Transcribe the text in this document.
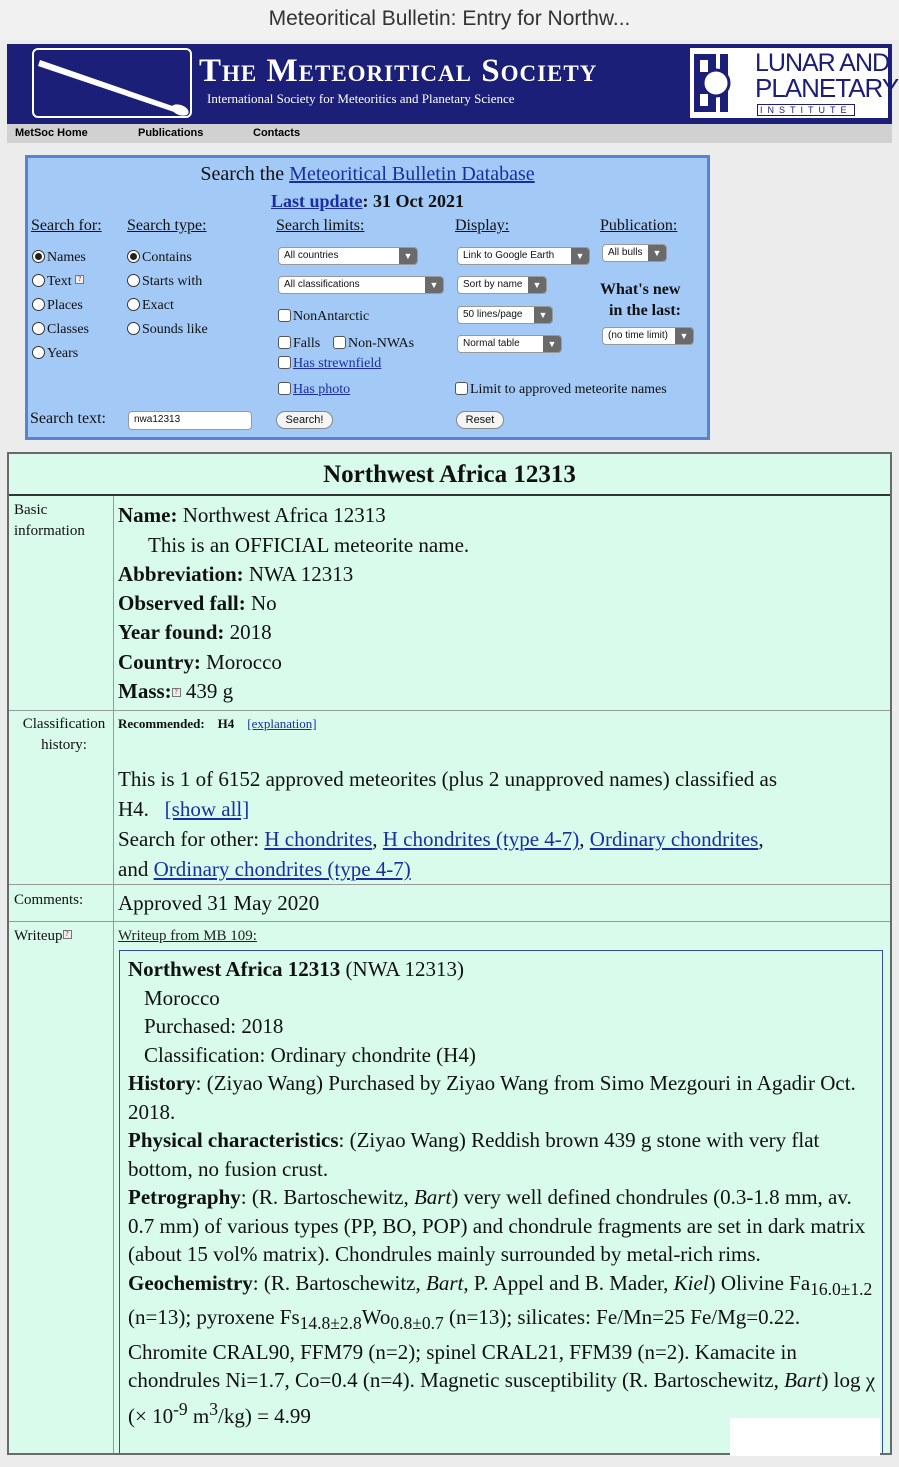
Meteoritical Bulletin: Entry for Northw...
The Meteoritical Society
International Society for Meteoritics and Planetary Science
LUNAR AND
PLANETARY
INSTITUTE
MetSoc Home	Publications	Contacts
Search the Meteoritical Bulletin Database
Last update: 31 Oct 2021
Search for: Search type:	Search limits:	Display:	Publication:
Names
Text ?
Places
Classes
Years
Contains
Starts with
Exact
Sounds like
All countries	▼
All classifications	▼
NonAntarctic
Falls	Non-NWAs
Has strewnfield
Has photo
Link to Google Earth	▼
Sort by name	▼
50 lines/page	▼
Normal table	▼
Limit to approved meteorite names
All bulls	▼
What's new
in the last:
(no time limit)	▼
Search text:	nwa12313	Search!	Reset
Northwest Africa 12313
Basic information
Name: Northwest Africa 12313
This is an OFFICIAL meteorite name.
Abbreviation: NWA 12313
Observed fall: No
Year found: 2018
Country: Morocco
Mass: ? 439 g
Classification history:
Recommended: H4 [explanation]
This is 1 of 6152 approved meteorites (plus 2 unapproved names) classified as H4. [show all]
Search for other: H chondrites, H chondrites (type 4-7), Ordinary chondrites,
and Ordinary chondrites (type 4-7)
Comments: Approved 31 May 2020
Writeup ?	Writeup from MB 109:
Northwest Africa 12313 (NWA 12313)
Morocco
Purchased: 2018
Classification: Ordinary chondrite (H4)
History: (Ziyao Wang) Purchased by Ziyao Wang from Simo Mezgouri in Agadir Oct. 2018.
Physical characteristics: (Ziyao Wang) Reddish brown 439 g stone with very flat bottom, no fusion crust.
Petrography: (R. Bartoschewitz, Bart) very well defined chondrules (0.3-1.8 mm, av. 0.7 mm) of various types (PP, BO, POP) and chondrule fragments are set in dark matrix (about 15 vol% matrix). Chondrules mainly surrounded by metal-rich rims.
Geochemistry: (R. Bartoschewitz, Bart, P. Appel and B. Mader, Kiel) Olivine $Fa_{16.0\pm 1.2}$ (n=13); pyroxene $Fs_{14.8\pm 2.8}Wo_{0.8\pm 0.7}$ (n=13); silicates: Fe/Mn=25 Fe/Mg=0.22. Chromite CRAL90, FFM79 (n=2); spinel CRAL21, FFM39 (n=2). Kamacite in chondrules Ni=1.7, Co=0.4 (n=4). Magnetic susceptibility (R. Bartoschewitz, Bart) log χ (× $10^{-9}$ $m^3/kg) = 4.99$
